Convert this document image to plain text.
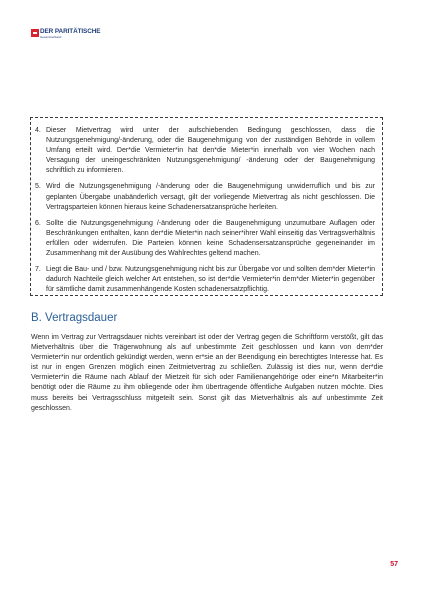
DER PARITÄTISCHE
Gesamtverband
4. Dieser Mietvertrag wird unter der aufschiebenden Bedingung geschlossen, dass die Nutzungsgenehmigung/-änderung, oder die Baugenehmigung von der zuständigen Behörde in vollem Umfang erteilt wird. Der*die Vermieter*in hat den*die Mieter*in innerhalb von vier Wochen nach Versagung der uneingeschränkten Nutzungsgenehmigung/ -änderung oder der Baugenehmigung schriftlich zu informieren.
5. Wird die Nutzungsgenehmigung /-änderung oder die Baugenehmigung unwiderruflich und bis zur geplanten Übergabe unabänderlich versagt, gilt der vorliegende Mietvertrag als nicht geschlossen. Die Vertragsparteien können hieraus keine Schadenersatzansprüche herleiten.
6. Sollte die Nutzungsgenehmigung /-änderung oder die Baugenehmigung unzumutbare Auflagen oder Beschränkungen enthalten, kann der*die Mieter*in nach seiner*ihrer Wahl einseitig das Vertragsverhältnis erfüllen oder widerrufen. Die Parteien können keine Schadensersatzansprüche gegeneinander im Zusammenhang mit der Ausübung des Wahlrechtes geltend machen.
7. Liegt die Bau- und / bzw. Nutzungsgenehmigung nicht bis zur Übergabe vor und sollten dem*der Mieter*in dadurch Nachteile gleich welcher Art entstehen, so ist der*die Vermieter*in dem*der Mieter*in gegenüber für sämtliche damit zusammenhängende Kosten schadenersatzpflichtig.
B. Vertragsdauer

Wenn im Vertrag zur Vertragsdauer nichts vereinbart ist oder der Vertrag gegen die Schriftform verstößt, gilt das Mietverhältnis über die Trägerwohnung als auf unbestimmte Zeit geschlossen und kann von dem*der Vermieter*in nur ordentlich gekündigt werden, wenn er*sie an der Beendigung ein berechtigtes Interesse hat. Es ist nur in engen Grenzen möglich einen Zeitmietvertrag zu schließen. Zulässig ist dies nur, wenn der*die Vermieter*in die Räume nach Ablauf der Mietzeit für sich oder Familienangehörige oder eine*n Mitarbeiter*in benötigt oder die Räume zu ihm obliegende oder ihm übertragende öffentliche Aufgaben nutzen möchte. Dies muss bereits bei Vertragsschluss mitgeteilt sein. Sonst gilt das Mietverhältnis als auf unbestimmte Zeit geschlossen.

57
